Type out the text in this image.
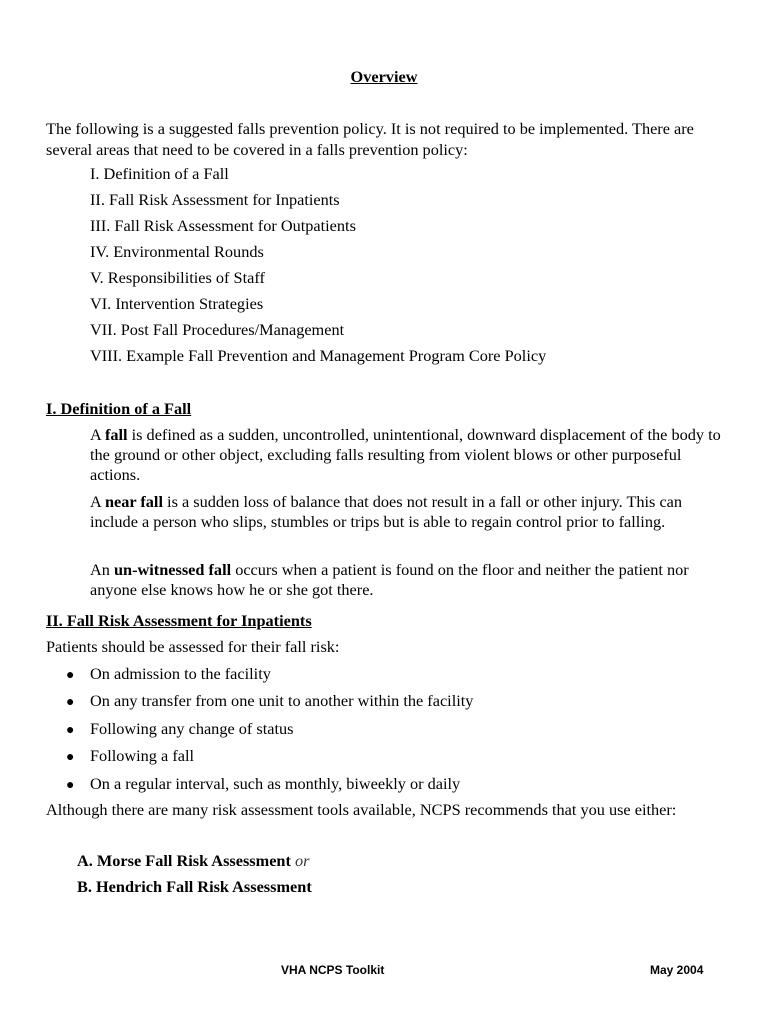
Overview
The following is a suggested falls prevention policy. It is not required to be implemented. There are several areas that need to be covered in a falls prevention policy:
I. Definition of a Fall
II. Fall Risk Assessment for Inpatients
III. Fall Risk Assessment for Outpatients
IV. Environmental Rounds
V. Responsibilities of Staff
VI. Intervention Strategies
VII. Post Fall Procedures/Management
VIII. Example Fall Prevention and Management Program Core Policy
I. Definition of a Fall
A fall is defined as a sudden, uncontrolled, unintentional, downward displacement of the body to the ground or other object, excluding falls resulting from violent blows or other purposeful actions.
A near fall is a sudden loss of balance that does not result in a fall or other injury. This can include a person who slips, stumbles or trips but is able to regain control prior to falling.
An un-witnessed fall occurs when a patient is found on the floor and neither the patient nor anyone else knows how he or she got there.
II. Fall Risk Assessment for Inpatients
Patients should be assessed for their fall risk:
● On admission to the facility
● On any transfer from one unit to another within the facility
● Following any change of status
● Following a fall
● On a regular interval, such as monthly, biweekly or daily
Although there are many risk assessment tools available, NCPS recommends that you use either:
A. Morse Fall Risk Assessment or
B. Hendrich Fall Risk Assessment
VHA NCPS Toolkit	May 2004
